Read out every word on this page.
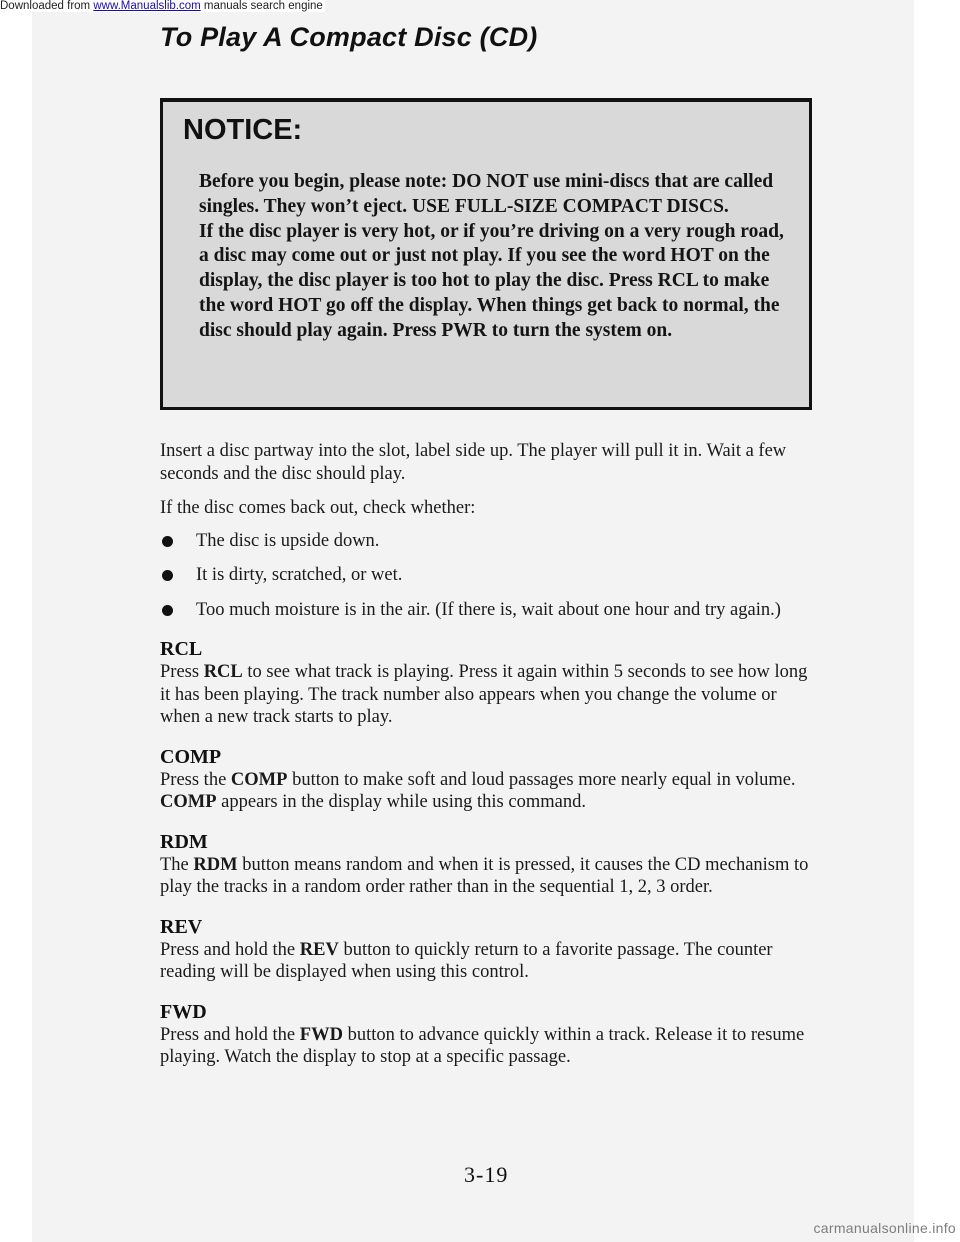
Downloaded from www.Manualslib.com manuals search engine
To Play A Compact Disc (CD)
NOTICE:

Before you begin, please note: DO NOT use mini-discs that are called singles. They won’t eject. USE FULL-SIZE COMPACT DISCS.

If the disc player is very hot, or if you’re driving on a very rough road, a disc may come out or just not play. If you see the word HOT on the display, the disc player is too hot to play the disc. Press RCL to make the word HOT go off the display. When things get back to normal, the disc should play again. Press PWR to turn the system on.

Insert a disc partway into the slot, label side up. The player will pull it in. Wait a few seconds and the disc should play.

If the disc comes back out, check whether:

The disc is upside down.
It is dirty, scratched, or wet.
Too much moisture is in the air. (If there is, wait about one hour and try again.)
RCL
Press RCL to see what track is playing. Press it again within 5 seconds to see how long it has been playing. The track number also appears when you change the volume or when a new track starts to play.
COMP
Press the COMP button to make soft and loud passages more nearly equal in volume. COMP appears in the display while using this command.
RDM
The RDM button means random and when it is pressed, it causes the CD mechanism to play the tracks in a random order rather than in the sequential 1, 2, 3 order.
REV
Press and hold the REV button to quickly return to a favorite passage. The counter reading will be displayed when using this control.
FWD
Press and hold the FWD button to advance quickly within a track. Release it to resume playing. Watch the display to stop at a specific passage.
3-19
carmanualsonline.info
